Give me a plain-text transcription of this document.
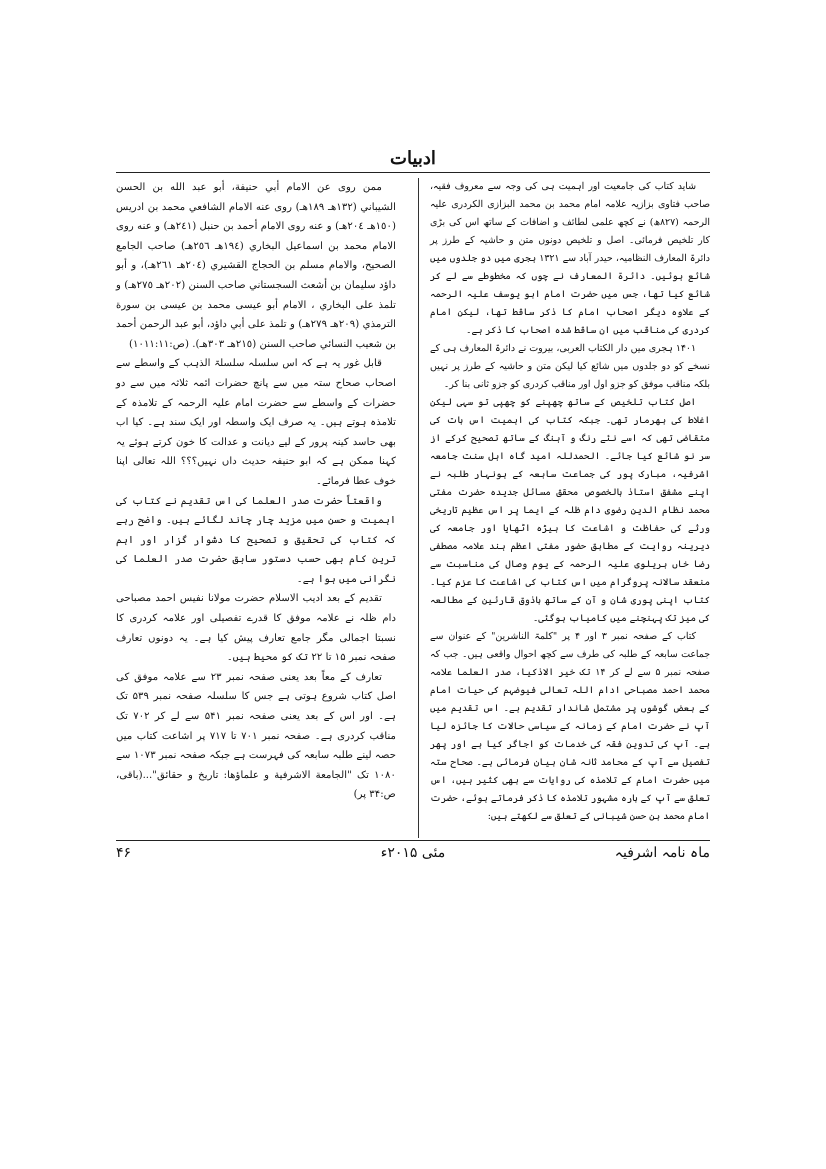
ادبیات

شاید کتاب کی جامعیت اور اہمیت ہی کی وجہ سے معروف فقیہ، صاحب فتاوی بزازیہ علامہ امام محمد بن محمد البزازی الکردری علیہ الرحمہ (۸۲۷ھ) نے کچھ علمی لطائف و اضافات کے ساتھ اس کی بڑی کار تلخیص فرمائی۔ اصل و تلخیص دونوں متن و حاشیہ کے طرز پر دائرۃ المعارف النظامیہ، حیدر آباد سے ۱۳۲۱ ہجری میں دو جلدوں میں شائع ہوئیں۔ دائرۃ المعارف نے چوں کہ مخطوطے سے لے کر شائع کیا تھا، جس میں حضرت امام ابو یوسف علیہ الرحمہ کے علاوہ دیگر اصحاب امام کا ذکر ساقط تھا، لیکن امام کردری کی مناقب میں ان ساقط شدہ اصحاب کا ذکر ہے۔

۱۴۰۱ ہجری میں دار الکتاب العربی، بیروت نے دائرۃ المعارف ہی کے نسخے کو دو جلدوں میں شائع کیا لیکن متن و حاشیہ کے طرز پر نہیں بلکہ مناقب موفق کو جزو اول اور مناقب کردری کو جزو ثانی بنا کر۔

اصل کتاب تلخیص کے ساتھ چھپنے کو چھپی تو سہی لیکن اغلاط کی بھرمار تھی۔ جبکہ کتاب کی اہمیت اس بات کی متقاضی تھی کہ اسے نئے رنگ و آہنگ کے ساتھ تصحیح کرکے از سر نو شائع کیا جائے۔ الحمدللہ امید گاہ اہل سنت جامعہ اشرفیہ، مبارک پور کی جماعت سابعہ کے ہونہار طلبہ نے اپنے مشفق استاذ بالخصوص محقق مسائل جدیدہ حضرت مفتی محمد نظام الدین رضوی دام ظلہ کے ایما پر اس عظیم تاریخی ورثے کی حفاظت و اشاعت کا بیڑہ اٹھایا اور جامعہ کی دیرینہ روایت کے مطابق حضور مفتی اعظم ہند علامہ مصطفی رضا خاں بریلوی علیہ الرحمہ کے یوم وصال کی مناسبت سے منعقد سالانہ پروگرام میں اس کتاب کی اشاعت کا عزم کیا۔ کتاب اپنی پوری شان و آن کے ساتھ باذوق قارئین کے مطالعہ کی میز تک پہنچنے میں کامیاب ہوگئی۔

کتاب کے صفحہ نمبر ۳ اور ۴ پر "کلمۃ الناشرین" کے عنوان سے جماعت سابعہ کے طلبہ کی طرف سے کچھ احوال واقعی ہیں۔ جب کہ صفحہ نمبر ۵ سے لے کر ۱۴ تک خیر الاذکیا، صدر العلما علامہ محمد احمد مصباحی ادام اللہ تعالی فیوضہم کی حیات امام کے بعض گوشوں پر مشتمل شاندار تقدیم ہے۔ اس تقدیم میں آپ نے حضرت امام کے زمانہ کے سیاسی حالات کا جائزہ لیا ہے۔ آپ کی تدوین فقہ کی خدمات کو اجاگر کیا ہے اور پھر تفصیل سے آپ کے محامد ثانہ شان بیان فرمائی ہے۔ صحاح ستہ میں حضرت امام کے تلامذہ کی روایات سے بھی کثیر ہیں، اس تعلق سے آپ کے بارہ مشہور تلامذہ کا ذکر فرماتے ہوئے، حضرت امام محمد بن حسن شیبانی کے تعلق سے لکھتے ہیں:

ممن روى عن الامام أبي حنيفة، أبو عبد الله بن الحسن الشيباني (١٣٢هـ ١٨٩هـ) روى عنه الامام الشافعي محمد بن ادريس (١٥٠هـ ٢٠٤هـ) و عنه روى الامام أحمد بن حنبل (٢٤١هـ) و عنه روى الامام محمد بن اسماعيل البخاري (١٩٤هـ ٢٥٦هـ) صاحب الجامع الصحيح، والامام مسلم بن الحجاج القشيري (٢٠٤هـ ٢٦١هـ)، و أبو داؤد سليمان بن أشعث السجستاني صاحب السنن (٢٠٢هـ ٢٧٥هـ) و تلمذ على البخاري ، الامام أبو عيسى محمد بن عيسى بن سورة الترمذي (٢٠٩هـ ٢٧٩هـ) و تلمذ على أبي داؤد، أبو عبد الرحمن أحمد بن شعيب النسائي صاحب السنن (٢١٥هـ ٣٠٣هـ). (ص:١٠١١:١١)

قابل غور یہ ہے کہ اس سلسلہ سلسلۃ الذہب کے واسطے سے اصحاب صحاح ستہ میں سے پانچ حضرات ائمہ ثلاثہ میں سے دو حضرات کے واسطے سے حضرت امام علیہ الرحمہ کے تلامذہ کے تلامذہ ہوتے ہیں۔ یہ صرف ایک واسطہ اور ایک سند ہے۔ کیا اب بھی حاسد کینہ پرور کے لیے دیانت و عدالت کا خون کرتے ہوئے یہ کہنا ممکن ہے کہ ابو حنیفہ حدیث داں نہیں؟؟؟ اللہ تعالی اپنا خوف عطا فرمائے۔

واقعتاً حضرت صدر العلما کی اس تقدیم نے کتاب کی اہمیت و حسن میں مزید چار چاند لگائے ہیں۔ واضح رہے کہ کتاب کی تحقیق و تصحیح کا دشوار گزار اور اہم ترین کام بھی حسب دستور سابق حضرت صدر العلما کی نگرانی میں ہوا ہے۔

تقدیم کے بعد ادیب الاسلام حضرت مولانا نفیس احمد مصباحی دام ظلہ نے علامہ موفق کا قدرے تفصیلی اور علامہ کردری کا نسبتا اجمالی مگر جامع تعارف پیش کیا ہے۔ یہ دونوں تعارف صفحہ نمبر ۱۵ تا ۲۲ تک کو محیط ہیں۔

تعارف کے معاً بعد یعنی صفحہ نمبر ۲۳ سے علامہ موفق کی اصل کتاب شروع ہوتی ہے جس کا سلسلہ صفحہ نمبر ۵۳۹ تک ہے۔ اور اس کے بعد یعنی صفحہ نمبر ۵۴۱ سے لے کر ۷۰۲ تک مناقب کردری ہے۔ صفحہ نمبر ۷۰۱ تا ۷۱۷ پر اشاعت کتاب میں حصہ لینے طلبہ سابعہ کی فہرست ہے جبکہ صفحہ نمبر ۱۰۷۳ سے ۱۰۸۰ تک "الجامعة الاشرفية و علماؤها: تاريخ و حقائق"...(باقی، ص:۳۴ پر)

ماہ نامہ اشرفیہ
مئی ۲۰۱۵ء
۴۶
